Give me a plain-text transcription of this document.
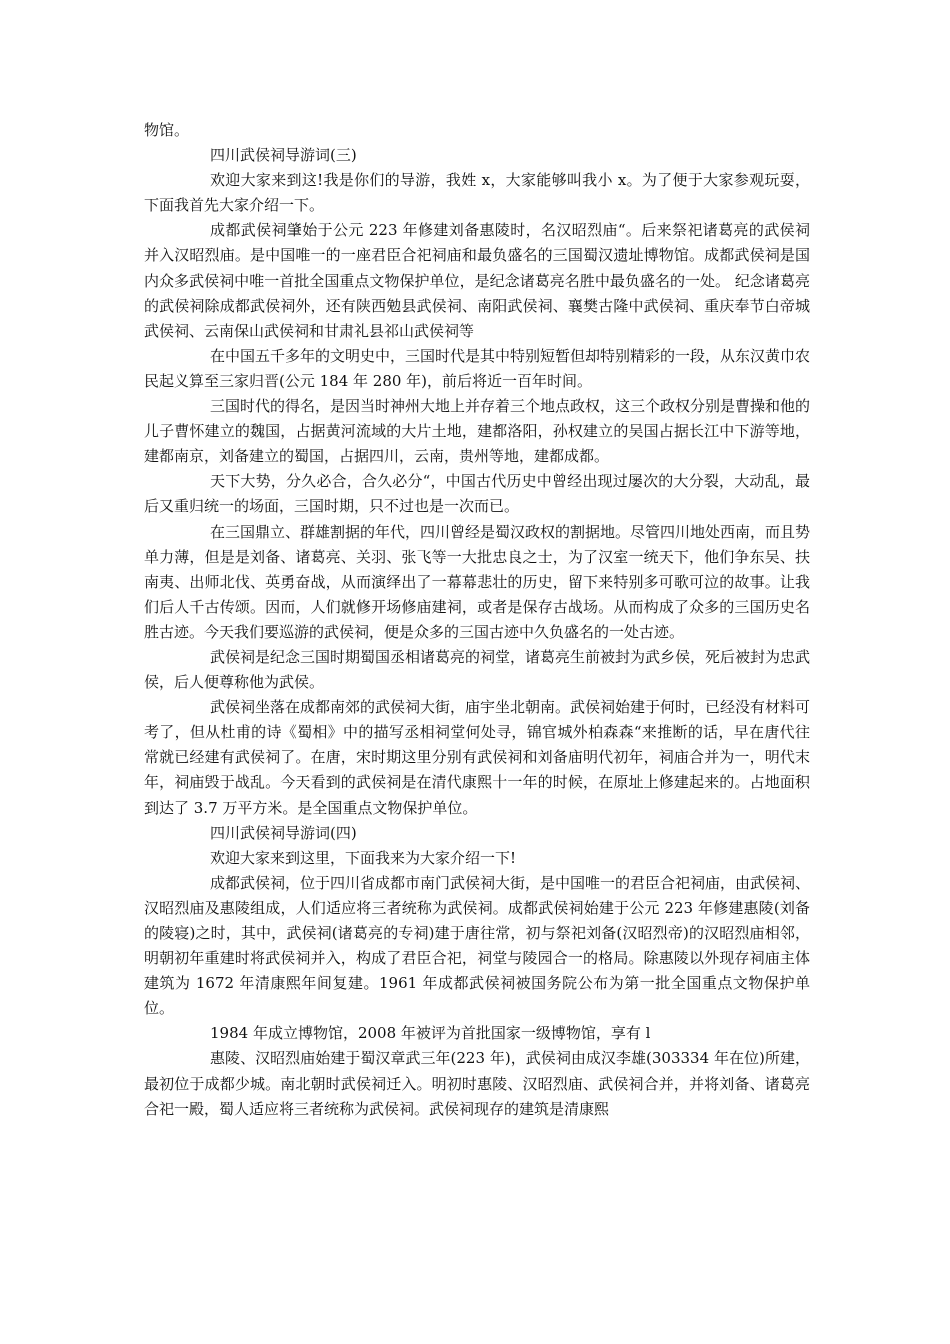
物馆。

四川武侯祠导游词(三)

欢迎大家来到这!我是你们的导游，我姓 x，大家能够叫我小 x。为了便于大家参观玩耍，下面我首先大家介绍一下。

成都武侯祠肇始于公元 223 年修建刘备惠陵时，名汉昭烈庙“。后来祭祀诸葛亮的武侯祠并入汉昭烈庙。是中国唯一的一座君臣合祀祠庙和最负盛名的三国蜀汉遗址博物馆。成都武侯祠是国内众多武侯祠中唯一首批全国重点文物保护单位，是纪念诸葛亮名胜中最负盛名的一处。 纪念诸葛亮的武侯祠除成都武侯祠外，还有陕西勉县武侯祠、南阳武侯祠、襄樊古隆中武侯祠、重庆奉节白帝城武侯祠、云南保山武侯祠和甘肃礼县祁山武侯祠等

在中国五千多年的文明史中，三国时代是其中特别短暂但却特别精彩的一段，从东汉黄巾农民起义算至三家归晋(公元 184 年 280 年)，前后将近一百年时间。

三国时代的得名，是因当时神州大地上并存着三个地点政权，这三个政权分别是曹操和他的儿子曹怀建立的魏国，占据黄河流域的大片土地，建都洛阳，孙权建立的吴国占据长江中下游等地，建都南京，刘备建立的蜀国，占据四川，云南，贵州等地，建都成都。

天下大势，分久必合，合久必分“，中国古代历史中曾经出现过屡次的大分裂，大动乱，最后又重归统一的场面，三国时期，只不过也是一次而已。

在三国鼎立、群雄割据的年代，四川曾经是蜀汉政权的割据地。尽管四川地处西南，而且势单力薄，但是是刘备、诸葛亮、关羽、张飞等一大批忠良之士，为了汉室一统天下，他们争东吴、扶南夷、出师北伐、英勇奋战，从而演绎出了一幕幕悲壮的历史，留下来特别多可歌可泣的故事。让我们后人千古传颂。因而，人们就修开场修庙建祠，或者是保存古战场。从而构成了众多的三国历史名胜古迹。今天我们要巡游的武侯祠，便是众多的三国古迹中久负盛名的一处古迹。

武侯祠是纪念三国时期蜀国丞相诸葛亮的祠堂，诸葛亮生前被封为武乡侯，死后被封为忠武侯，后人便尊称他为武侯。

武侯祠坐落在成都南郊的武侯祠大街，庙宇坐北朝南。武侯祠始建于何时，已经没有材料可考了，但从杜甫的诗《蜀相》中的描写丞相祠堂何处寻，锦官城外柏森森“来推断的话，早在唐代往常就已经建有武侯祠了。在唐，宋时期这里分别有武侯祠和刘备庙明代初年，祠庙合并为一，明代末年，祠庙毁于战乱。今天看到的武侯祠是在清代康熙十一年的时候，在原址上修建起来的。占地面积到达了 3.7 万平方米。是全国重点文物保护单位。

四川武侯祠导游词(四)

欢迎大家来到这里，下面我来为大家介绍一下!

成都武侯祠，位于四川省成都市南门武侯祠大街，是中国唯一的君臣合祀祠庙，由武侯祠、汉昭烈庙及惠陵组成，人们适应将三者统称为武侯祠。成都武侯祠始建于公元 223 年修建惠陵(刘备的陵寝)之时，其中，武侯祠(诸葛亮的专祠)建于唐往常，初与祭祀刘备(汉昭烈帝)的汉昭烈庙相邻，明朝初年重建时将武侯祠并入，构成了君臣合祀，祠堂与陵园合一的格局。除惠陵以外现存祠庙主体建筑为 1672 年清康熙年间复建。1961 年成都武侯祠被国务院公布为第一批全国重点文物保护单位。

1984 年成立博物馆，2008 年被评为首批国家一级博物馆，享有 l

惠陵、汉昭烈庙始建于蜀汉章武三年(223 年)，武侯祠由成汉李雄(303334 年在位)所建，最初位于成都少城。南北朝时武侯祠迁入。明初时惠陵、汉昭烈庙、武侯祠合并，并将刘备、诸葛亮合祀一殿，蜀人适应将三者统称为武侯祠。武侯祠现存的建筑是清康熙
